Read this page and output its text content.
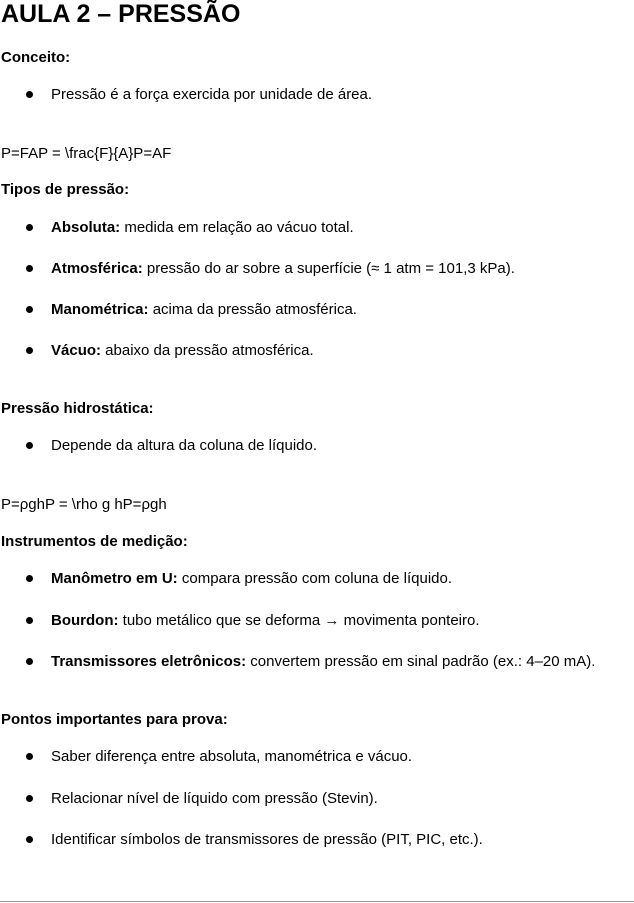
AULA 2 – PRESSÃO
Conceito:
Pressão é a força exercida por unidade de área.
P=FAP = \frac{F}{A}P=AF
Tipos de pressão:
Absoluta: medida em relação ao vácuo total.
Atmosférica: pressão do ar sobre a superfície (≈ 1 atm = 101,3 kPa).
Manométrica: acima da pressão atmosférica.
Vácuo: abaixo da pressão atmosférica.
Pressão hidrostática:
Depende da altura da coluna de líquido.
P=ρghP = \rho g hP=ρgh
Instrumentos de medição:
Manômetro em U: compara pressão com coluna de líquido.
Bourdon: tubo metálico que se deforma → movimenta ponteiro.
Transmissores eletrônicos: convertem pressão em sinal padrão (ex.: 4–20 mA).
Pontos importantes para prova:
Saber diferença entre absoluta, manométrica e vácuo.
Relacionar nível de líquido com pressão (Stevin).
Identificar símbolos de transmissores de pressão (PIT, PIC, etc.).
